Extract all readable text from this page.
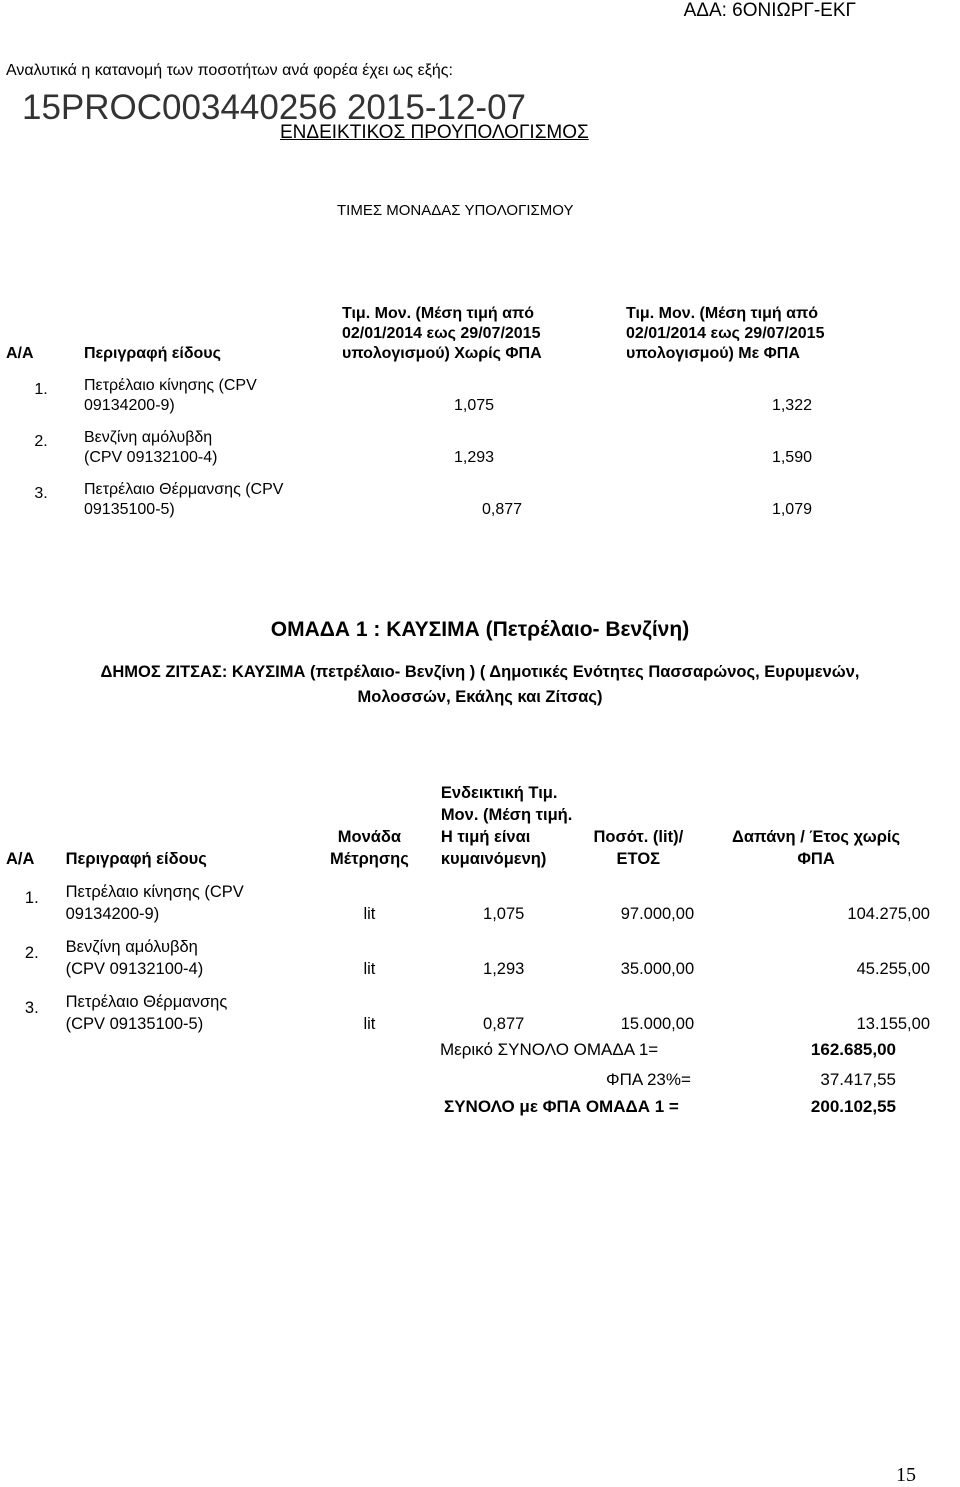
ΑΔΑ: 6ΟΝΙΩΡΓ-ΕΚΓ
Αναλυτικά η κατανομή των ποσοτήτων ανά φορέα έχει ως εξής:
15PROC003440256 2015-12-07
ΕΝΔΕΙΚΤΙΚΟΣ ΠΡΟΥΠΟΛΟΓΙΣΜΟΣ
ΤΙΜΕΣ ΜΟΝΑΔΑΣ ΥΠΟΛΟΓΙΣΜΟΥ
Α/Α	Περιγραφή είδους	Τιμ. Μον. (Μέση τιμή από 02/01/2014 εως 29/07/2015 υπολογισμού) Χωρίς ΦΠΑ	Τιμ. Μον. (Μέση τιμή από 02/01/2014 εως 29/07/2015 υπολογισμού) Με ΦΠΑ
1.	Πετρέλαιο κίνησης (CPV
09134200-9)	1,075	1,322
2.	Βενζίνη αμόλυβδη
(CPV 09132100-4)	1,293	1,590
3.	Πετρέλαιο Θέρμανσης (CPV
09135100-5)	0,877	1,079
ΟΜΑΔΑ 1 : ΚΑΥΣΙΜΑ (Πετρέλαιο- Βενζίνη)
ΔΗΜΟΣ ΖΙΤΣΑΣ: ΚΑΥΣΙΜΑ (πετρέλαιο- Βενζίνη ) ( Δημοτικές Ενότητες Πασσαρώνος, Ευρυμενών, Μολοσσών, Εκάλης και Ζίτσας)
Α/Α	Περιγραφή είδους	Μονάδα Μέτρησης	Ενδεικτική Τιμ. Μον. (Μέση τιμή. Η τιμή είναι κυμαινόμενη)	Ποσότ. (lit)/ΕΤΟΣ	Δαπάνη / Έτος χωρίς ΦΠΑ
1.	Πετρέλαιο κίνησης (CPV
09134200-9)	lit	1,075	97.000,00	104.275,00
2.	Βενζίνη αμόλυβδη
(CPV 09132100-4)	lit	1,293	35.000,00	45.255,00
3.	Πετρέλαιο Θέρμανσης
(CPV 09135100-5)	lit	0,877	15.000,00	13.155,00
Μερικό ΣΥΝΟΛΟ ΟΜΑΔΑ 1=	162.685,00
ΦΠΑ 23%=	37.417,55
ΣΥΝΟΛΟ με ΦΠΑ ΟΜΑΔΑ 1 =	200.102,55
15
